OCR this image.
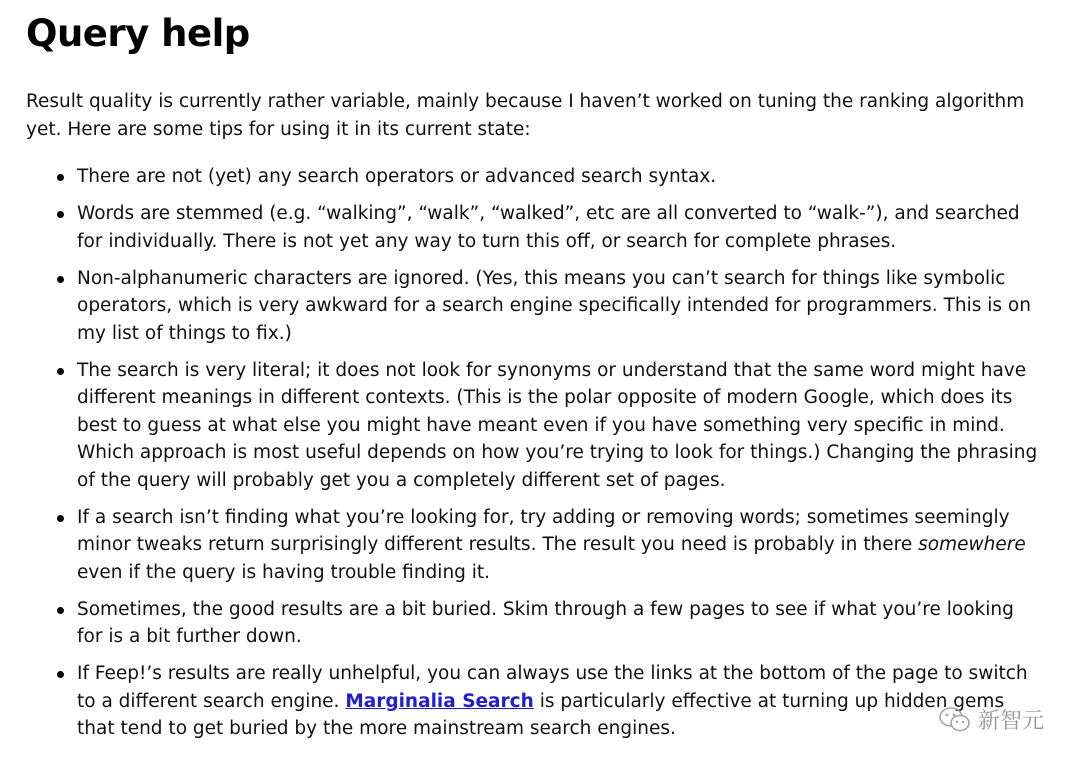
Query help

Result quality is currently rather variable, mainly because I haven’t worked on tuning the ranking algorithm yet. Here are some tips for using it in its current state:

There are not (yet) any search operators or advanced search syntax.
Words are stemmed (e.g. “walking”, “walk”, “walked”, etc are all converted to “walk-”), and searched for individually. There is not yet any way to turn this off, or search for complete phrases.
Non-alphanumeric characters are ignored. (Yes, this means you can’t search for things like symbolic operators, which is very awkward for a search engine specifically intended for programmers. This is on my list of things to fix.)
The search is very literal; it does not look for synonyms or understand that the same word might have different meanings in different contexts. (This is the polar opposite of modern Google, which does its best to guess at what else you might have meant even if you have something very specific in mind. Which approach is most useful depends on how you’re trying to look for things.) Changing the phrasing of the query will probably get you a completely different set of pages.
If a search isn’t finding what you’re looking for, try adding or removing words; sometimes seemingly minor tweaks return surprisingly different results. The result you need is probably in there somewhere even if the query is having trouble finding it.
Sometimes, the good results are a bit buried. Skim through a few pages to see if what you’re looking for is a bit further down.
If Feep!’s results are really unhelpful, you can always use the links at the bottom of the page to switch to a different search engine. Marginalia Search is particularly effective at turning up hidden gems that tend to get buried by the more mainstream search engines.	新智元
